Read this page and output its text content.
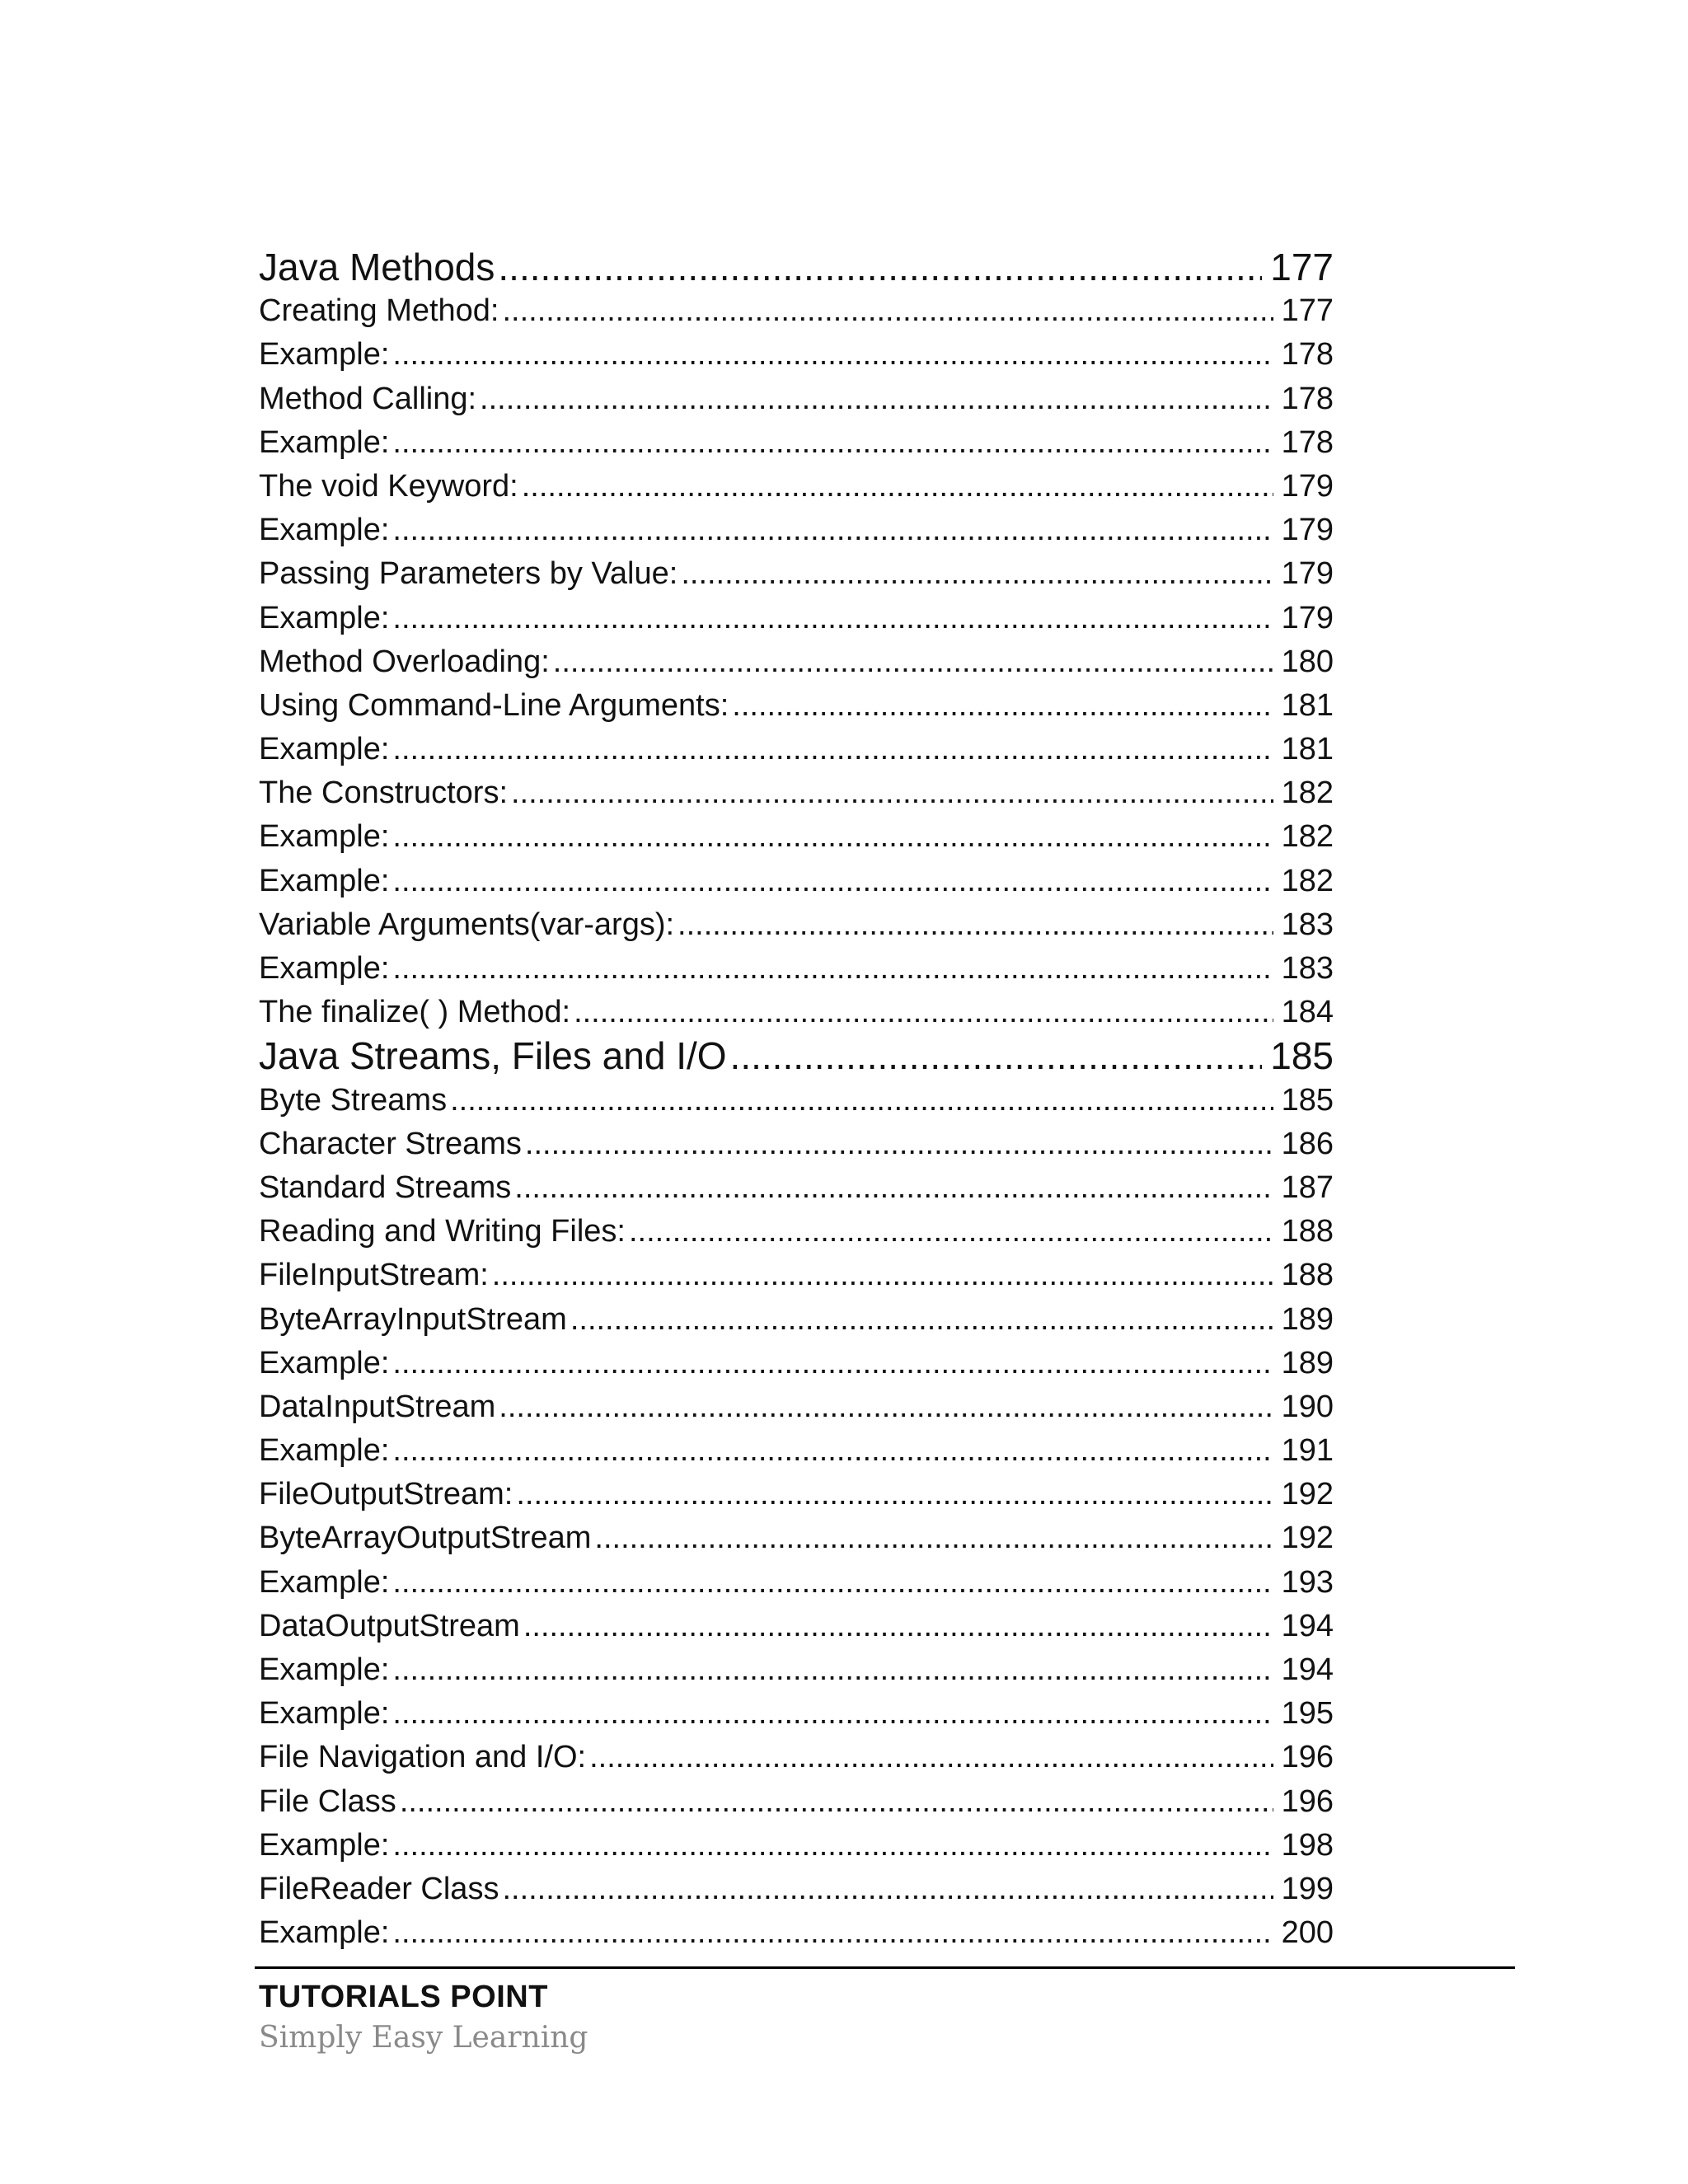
Java Methods .....	177
Creating Method: .....	177
Example: .....	178
Method Calling: .....	178
Example: .....	178
The void Keyword: .....	179
Example: .....	179
Passing Parameters by Value: .....	179
Example: .....	179
Method Overloading: .....	180
Using Command-Line Arguments: .....	181
Example: .....	181
The Constructors: .....	182
Example: .....	182
Example: .....	182
Variable Arguments(var-args): .....	183
Example: .....	183
The finalize( ) Method: .....	184
Java Streams, Files and I/O .....	185
Byte Streams .....	185
Character Streams .....	186
Standard Streams .....	187
Reading and Writing Files: .....	188
FileInputStream: .....	188
ByteArrayInputStream .....	189
Example: .....	189
DataInputStream .....	190
Example: .....	191
FileOutputStream: .....	192
ByteArrayOutputStream .....	192
Example: .....	193
DataOutputStream .....	194
Example: .....	194
Example: .....	195
File Navigation and I/O: .....	196
File Class .....	196
Example: .....	198
FileReader Class .....	199
Example: .....	200
TUTORIALS POINT
Simply Easy Learning
